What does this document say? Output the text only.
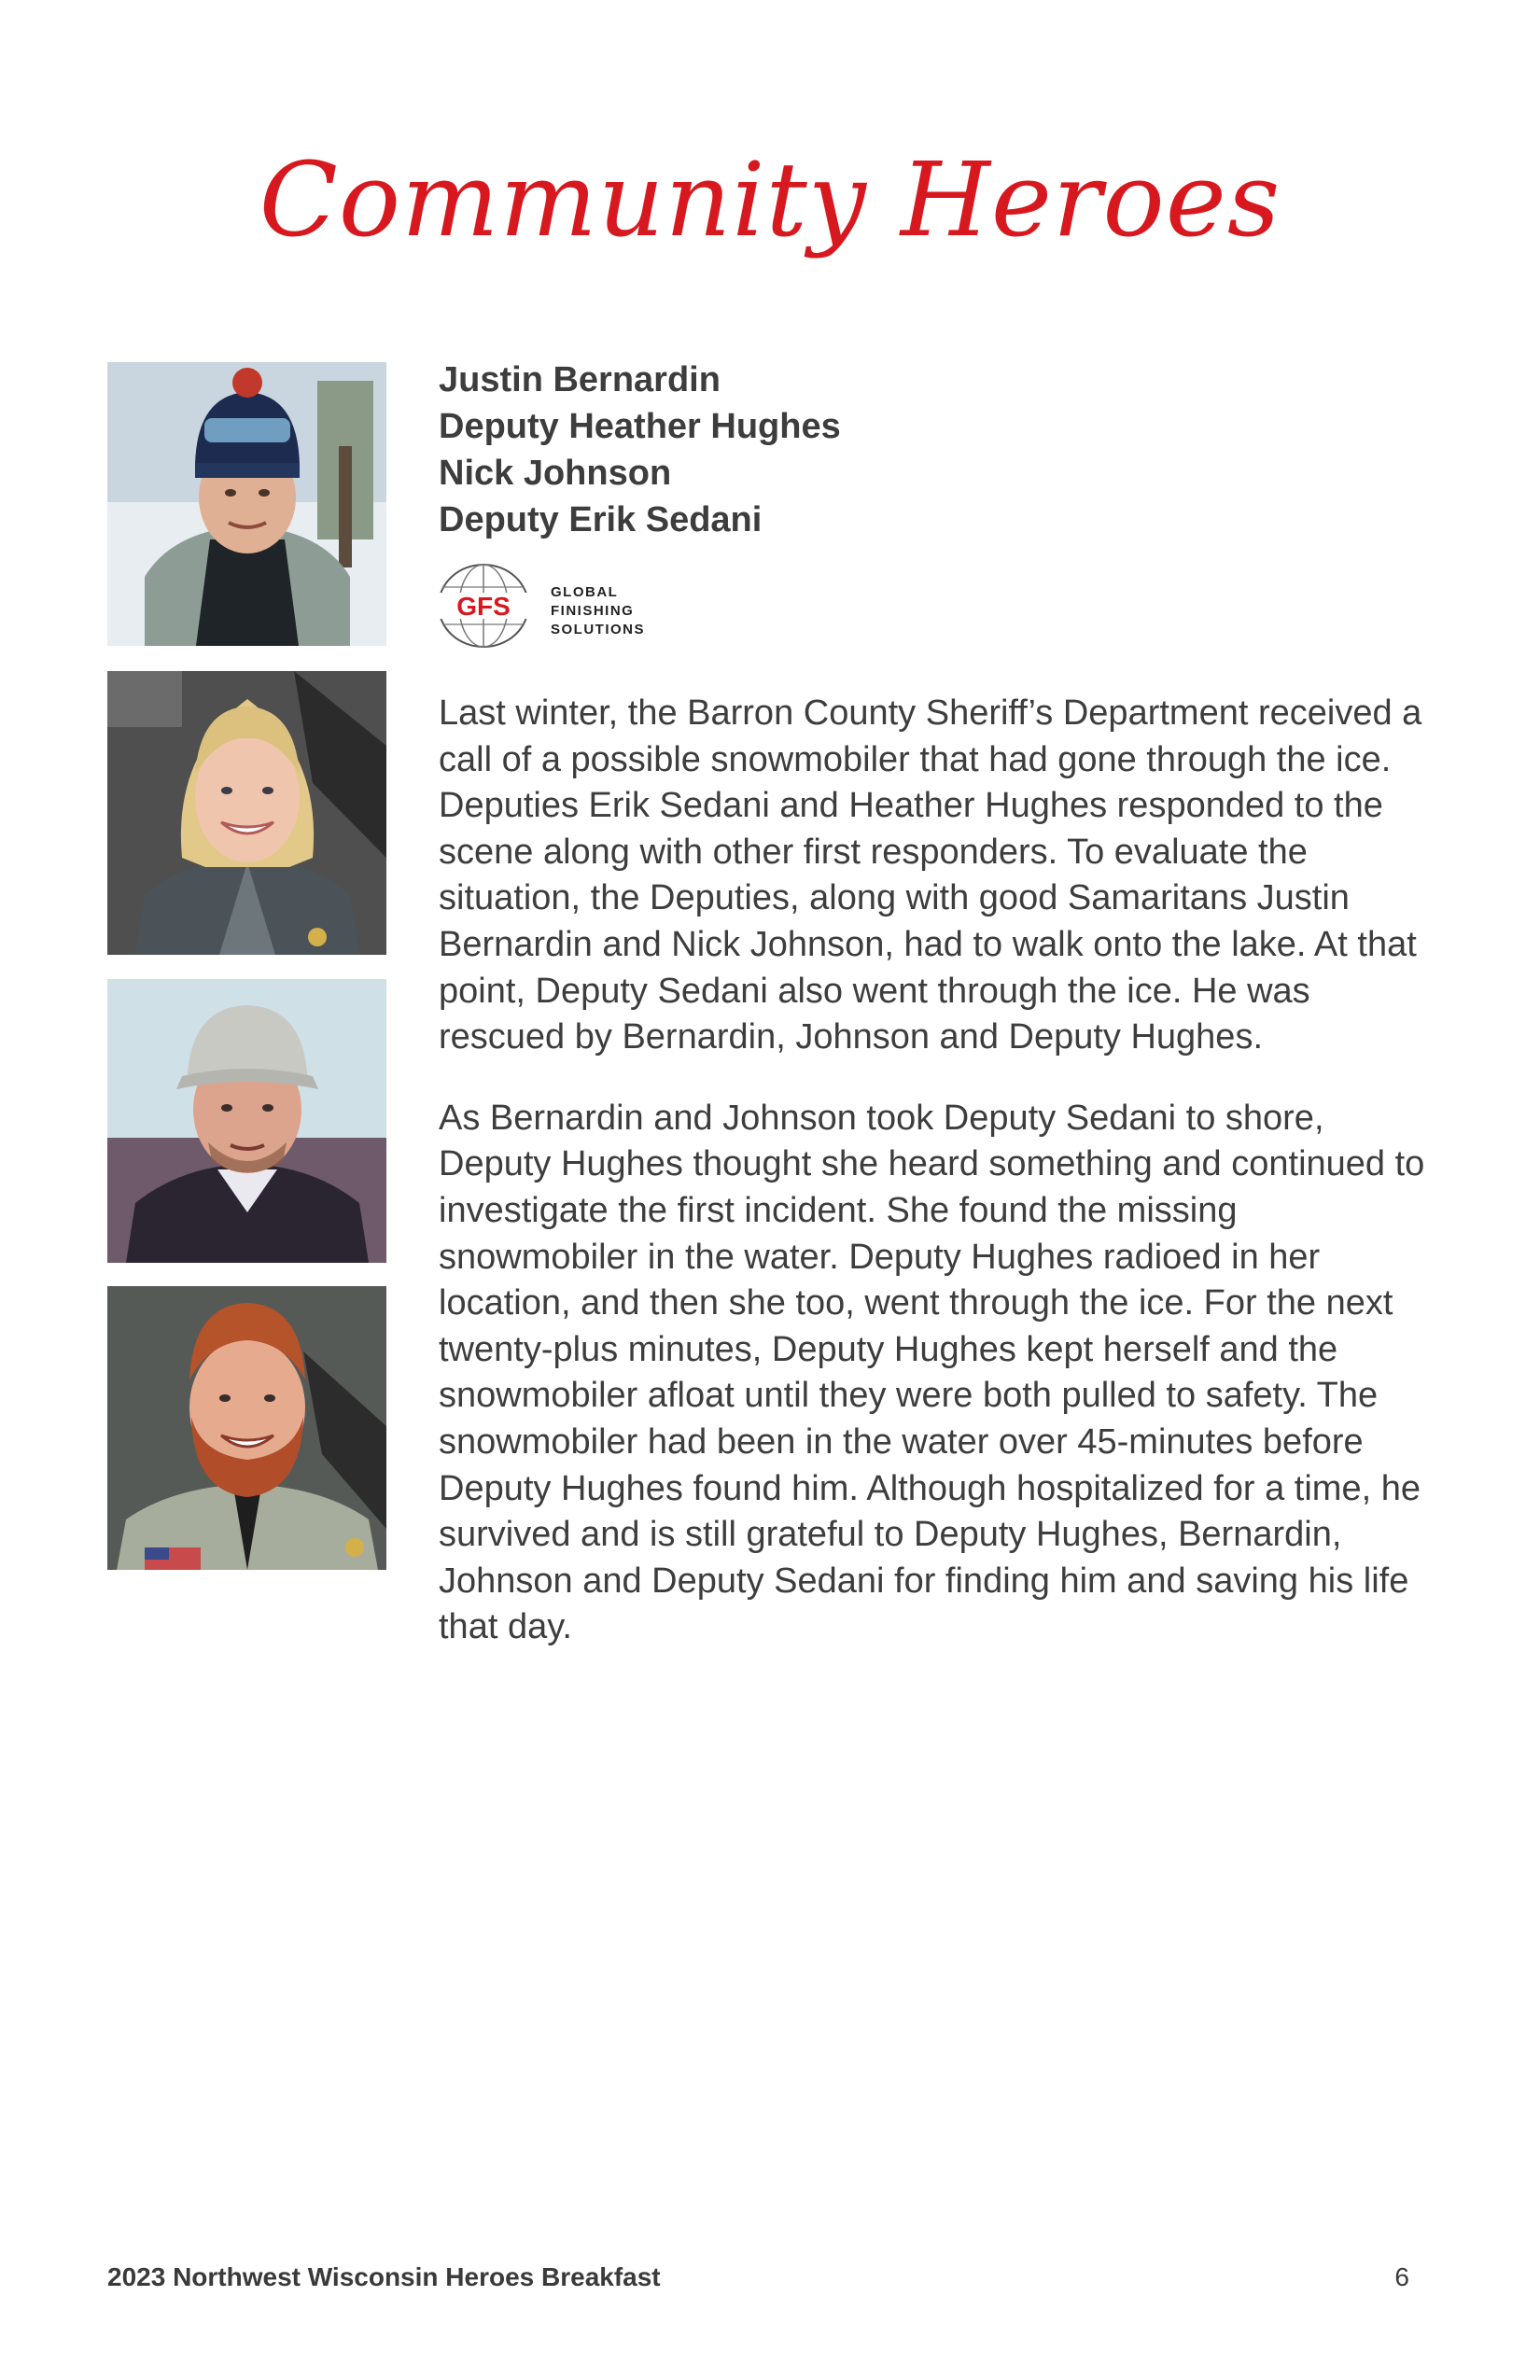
Community Heroes
Justin Bernardin
Deputy Heather Hughes
Nick Johnson
Deputy Erik Sedani
GFS	GLOBAL
FINISHING
SOLUTIONS

Last winter, the Barron County Sheriff’s Department received a call of a possible snowmobiler that had gone through the ice. Deputies Erik Sedani and Heather Hughes responded to the scene along with other first responders. To evaluate the situation, the Deputies, along with good Samaritans Justin Bernardin and Nick Johnson, had to walk onto the lake. At that point, Deputy Sedani also went through the ice. He was rescued by Bernardin, Johnson and Deputy Hughes.

As Bernardin and Johnson took Deputy Sedani to shore, Deputy Hughes thought she heard something and continued to investigate the first incident. She found the missing snowmobiler in the water. Deputy Hughes radioed in her location, and then she too, went through the ice. For the next twenty-plus minutes, Deputy Hughes kept herself and the snowmobiler afloat until they were both pulled to safety. The snowmobiler had been in the water over 45-minutes before Deputy Hughes found him. Although hospitalized for a time, he survived and is still grateful to Deputy Hughes, Bernardin, Johnson and Deputy Sedani for finding him and saving his life that day.

2023 Northwest Wisconsin Heroes Breakfast	6
